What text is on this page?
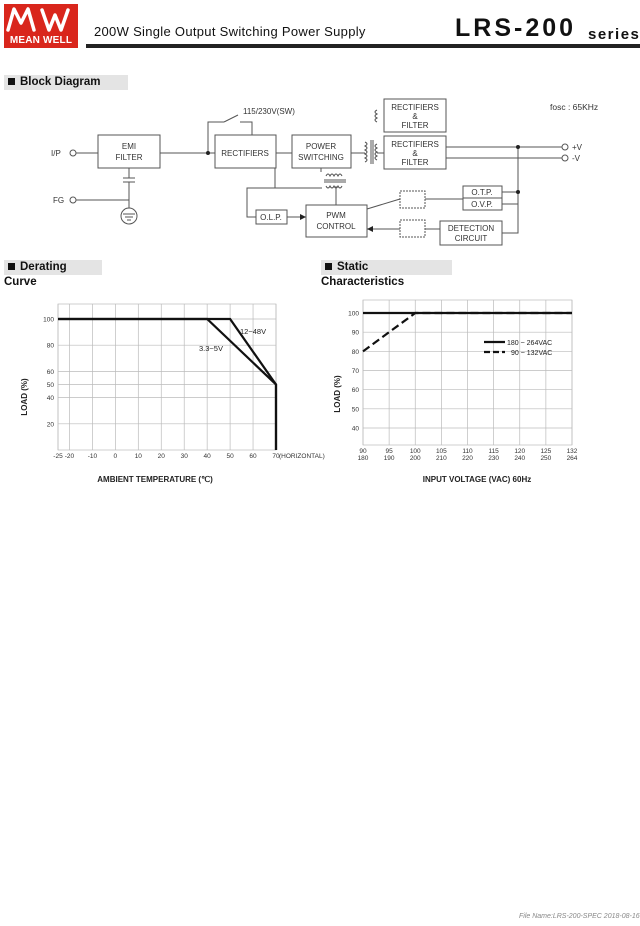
MEAN WELL
200W Single Output Switching Power Supply	LRS-200 series
Block Diagram
Derating Curve
Static Characteristics
115/230V(SW)	fosc : 65KHz
I/P
FG
EMI
FILTER	RECTIFIERS
POWER
SWITCHING
RECTIFIERS
&
FILTER
RECTIFIERS
&
FILTER
+V
-V
O.L.P.	PWM
CONTROL
O.T.P.
O.V.P.
DETECTION
CIRCUIT
-25 -20 -10	0	10 20 30 40 50 60 70
100
80
60
50
40
20
LOAD (%)
AMBIENT TEMPERATURE (℃)
(HORIZONTAL)
12~48V
3.3~5V
90
180
95
190
100
200
105
210
110
220
115
230
120
240
125
250
132
264
100
90
80
70
60
50
40
LOAD (%)
INPUT VOLTAGE (VAC) 60Hz
180 ~ 264VAC
90 ~ 132VAC
File Name:LRS-200-SPEC 2018-08-16
